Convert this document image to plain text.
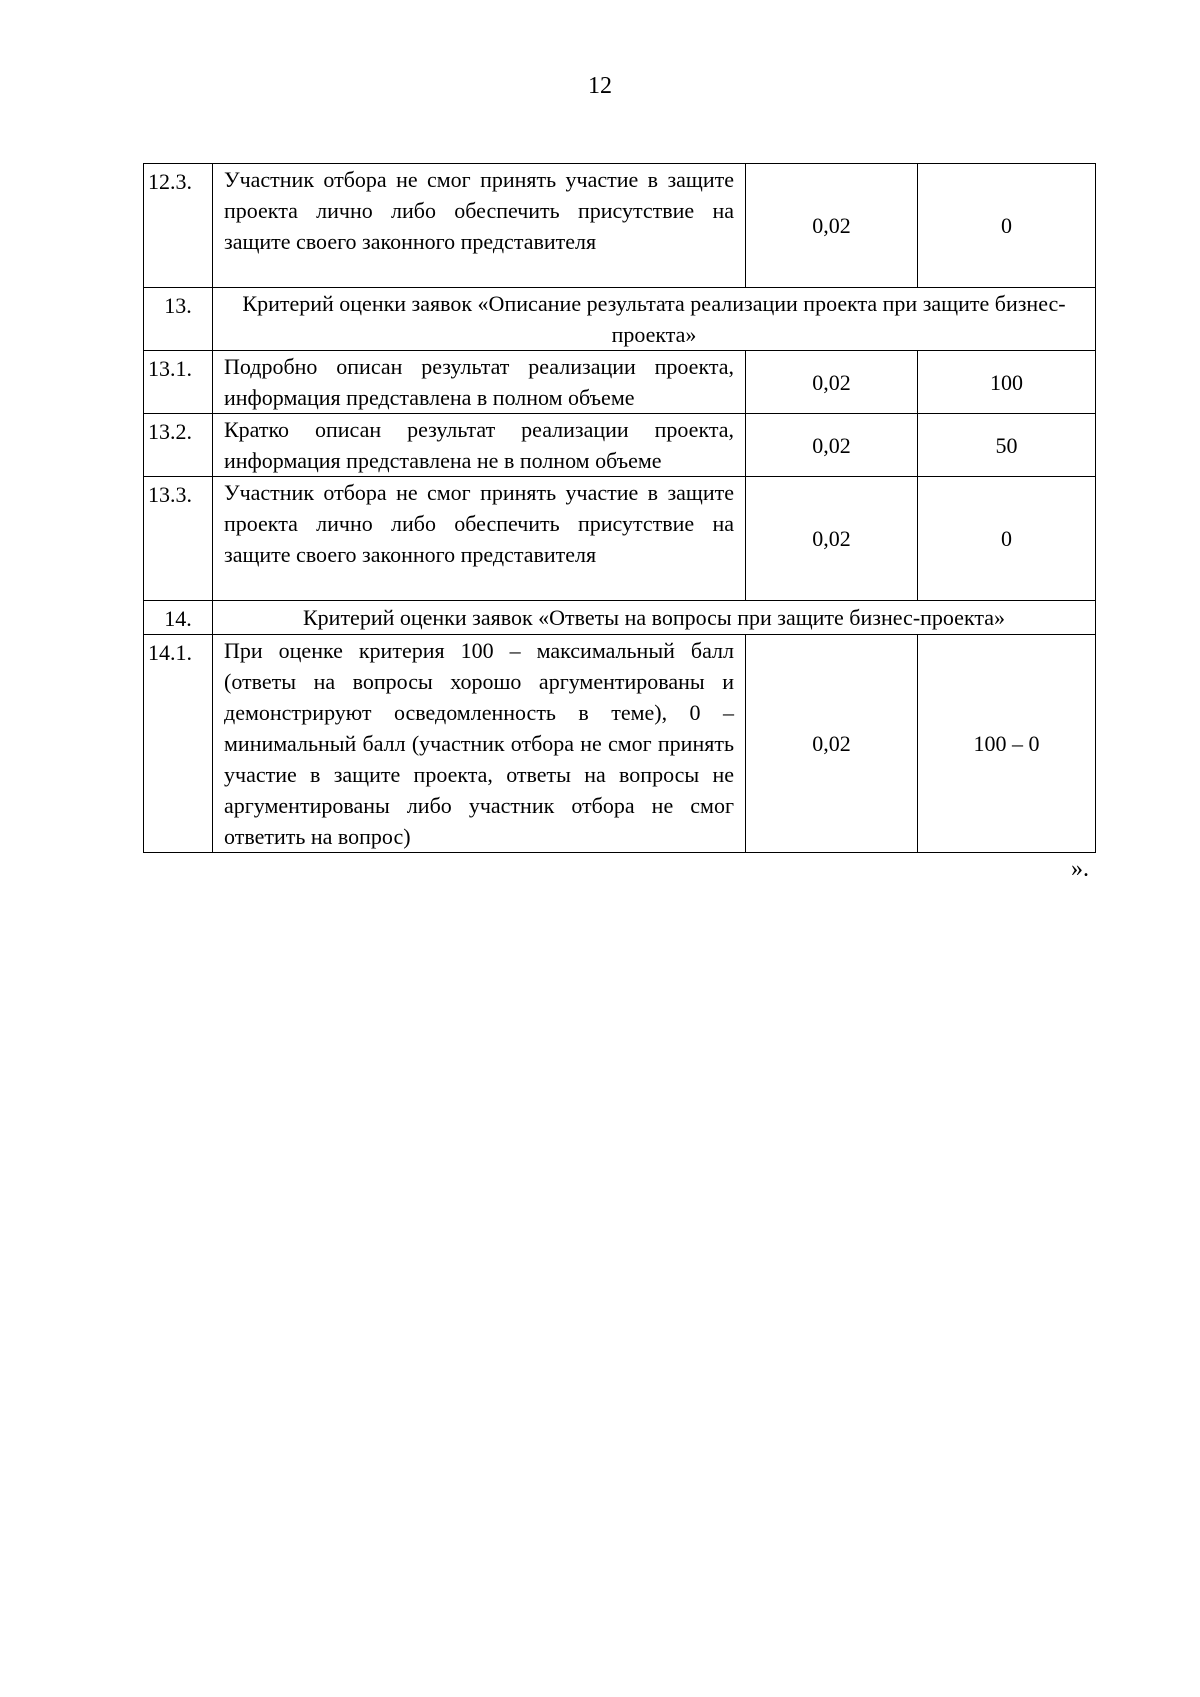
12
12.3.	Участник отбора не смог принять участие в защите проекта лично либо обеспечить присутствие на защите своего законного представителя	0,02	0
13.	Критерий оценки заявок «Описание результата реализации проекта при защите бизнес-проекта»		
13.1.	Подробно описан результат реализации проекта, информация представлена в полном объеме	0,02	100
13.2.	Кратко описан результат реализации проекта, информация представлена не в полном объеме	0,02	50
13.3.	Участник отбора не смог принять участие в защите проекта лично либо обеспечить присутствие на защите своего законного представителя	0,02	0
14.	Критерий оценки заявок «Ответы на вопросы при защите бизнес-проекта»		
14.1.	При оценке критерия 100 – максимальный балл (ответы на вопросы хорошо аргументированы и демонстрируют осведомленность в теме), 0 – минимальный балл (участник отбора не смог принять участие в защите проекта, ответы на вопросы не аргументированы либо участник отбора не смог ответить на вопрос)	0,02	100 – 0
».
